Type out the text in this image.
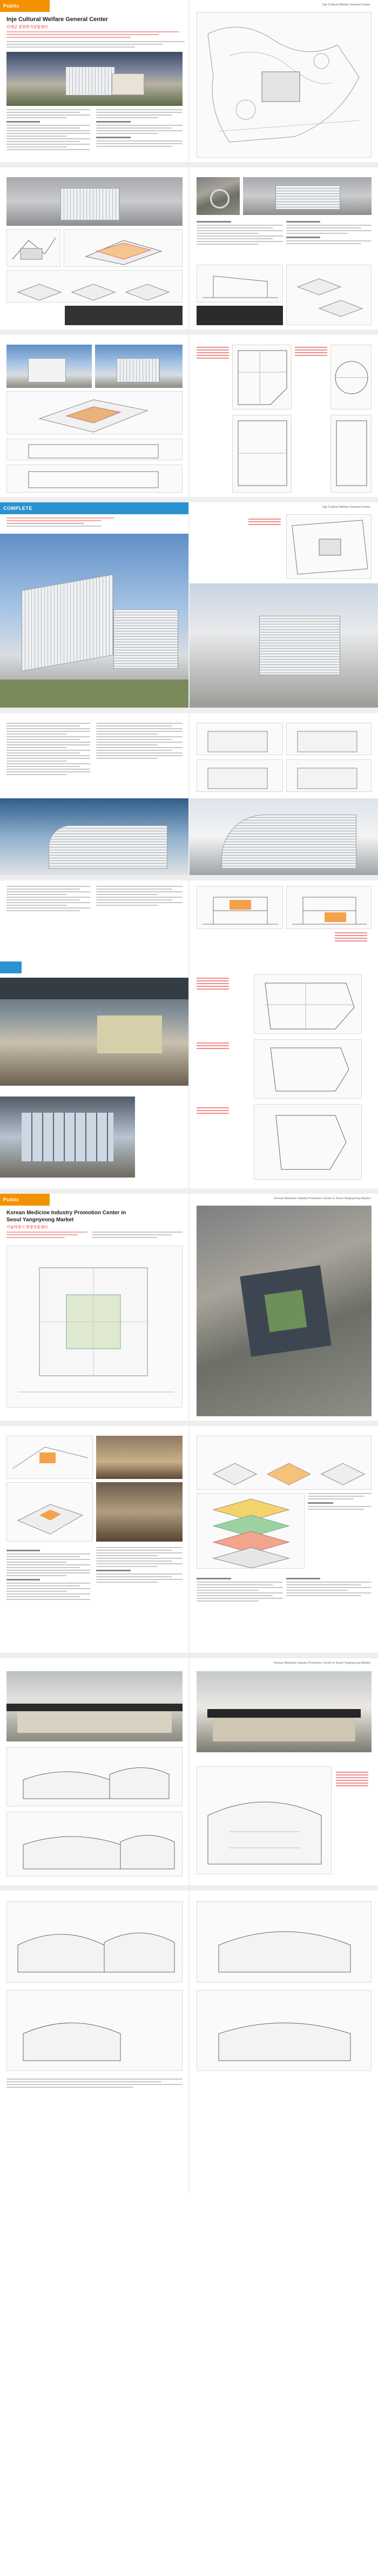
Public
Inje Cultural Welfare General Center
인제군 문화복지종합센터
Inje Cultural Welfare General Center
COMPLETE	Inje Cultural Welfare General Center
Public
Korean Medicine Industry Promotion Center in
Seoul Yangnyeong Market
서울약령시 한방진흥센터
Korean Medicine Industry Promotion Center in Seoul Yangnyeong Market
Korean Medicine Industry Promotion Center in Seoul Yangnyeong Market
